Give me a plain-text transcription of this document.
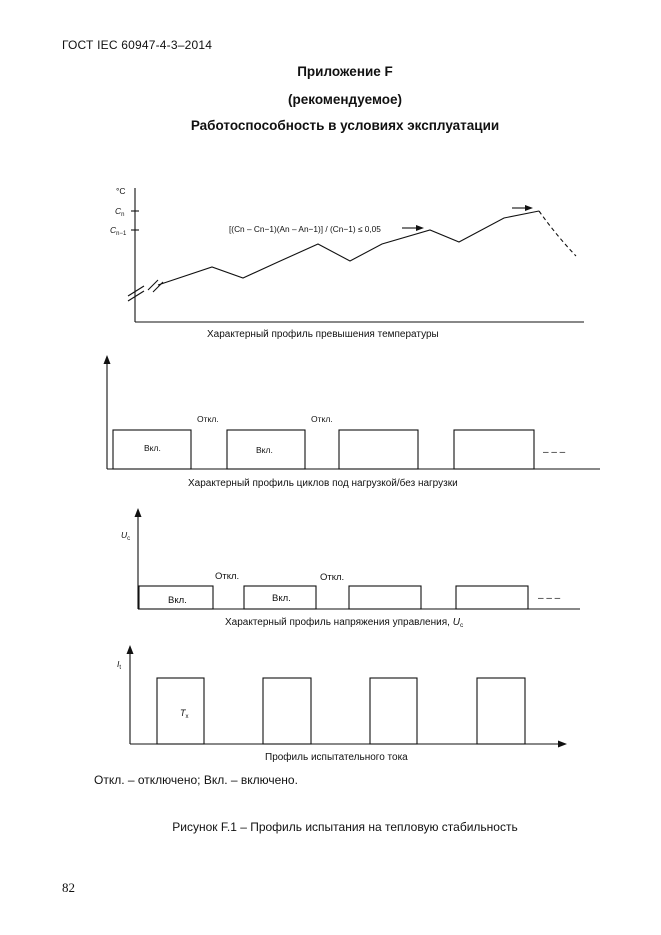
ГОСТ IEC 60947-4-3–2014
Приложение F
(рекомендуемое)
Работоспособность в условиях эксплуатации
°C
$C_n$
$C_{n-1}$	[(Cn – Cn−1)(An – An−1)] / (Cn−1) ≤ 0,05
Характерный профиль превышения температуры
Вкл.	Вкл.
Откл.	Откл.
– – –
Характерный профиль циклов под нагрузкой/без нагрузки
$U_c$
Вкл.	Вкл.
Откл.	Откл.
– – –
Характерный профиль напряжения управления, $U_c$
$I_t$
$T_x$
Профиль испытательного тока
Откл. – отключено; Вкл. – включено.
Рисунок F.1 – Профиль испытания на тепловую стабильность
82
